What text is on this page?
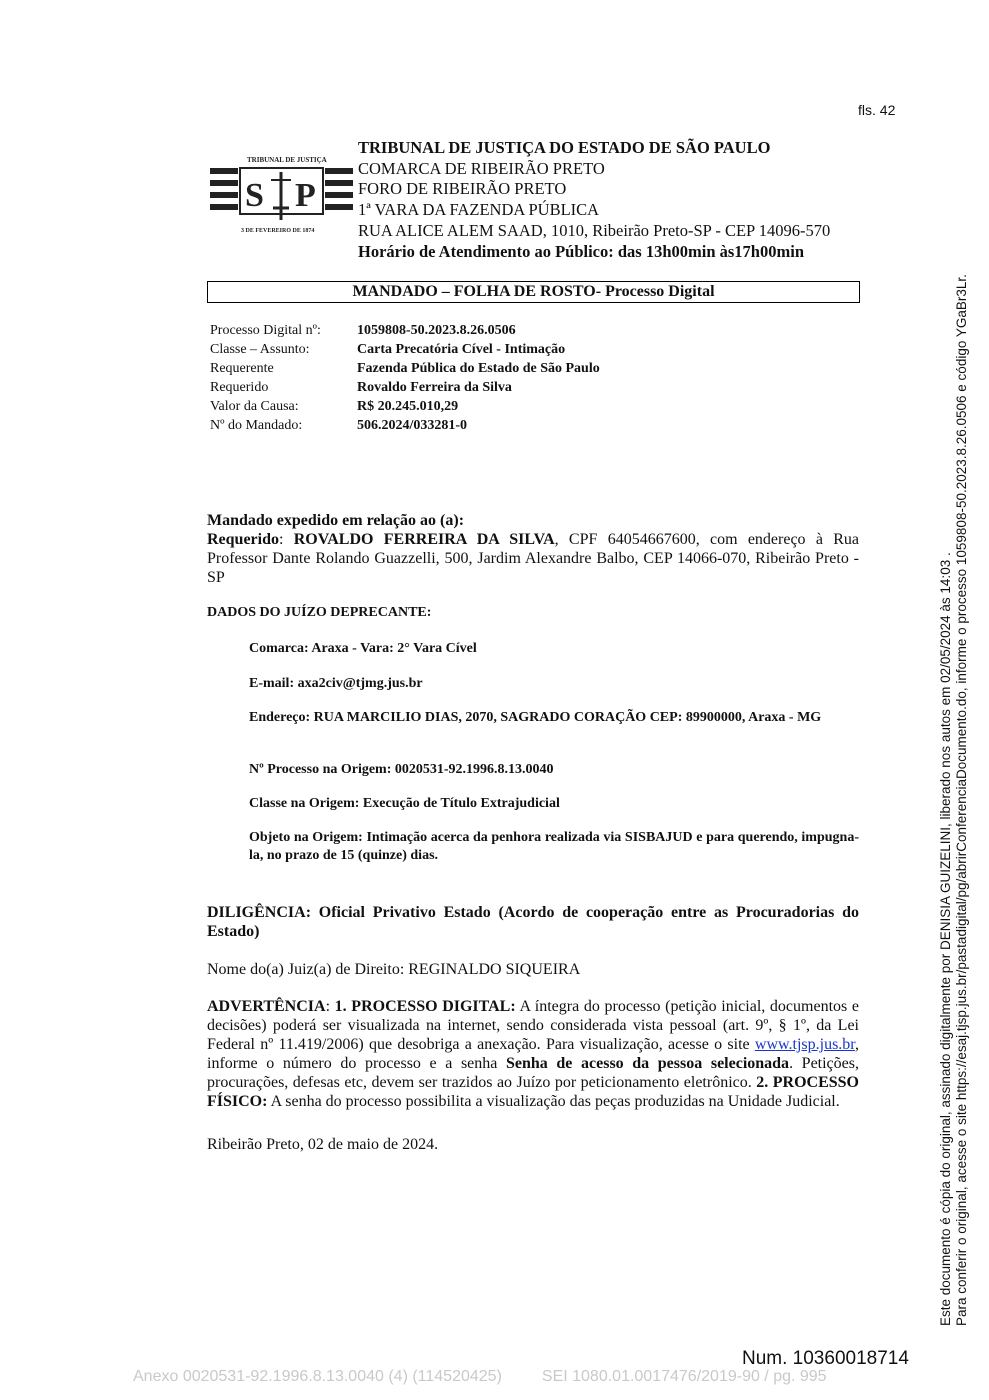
fls. 42
TRIBUNAL DE JUSTIÇA
S P
3 DE FEVEREIRO DE 1874
TRIBUNAL DE JUSTIÇA DO ESTADO DE SÃO PAULO
COMARCA DE RIBEIRÃO PRETO
FORO DE RIBEIRÃO PRETO
1ª VARA DA FAZENDA PÚBLICA
RUA ALICE ALEM SAAD, 1010, Ribeirão Preto-SP - CEP 14096-570
Horário de Atendimento ao Público: das 13h00min às17h00min
MANDADO – FOLHA DE ROSTO- Processo Digital
Processo Digital nº:	1059808-50.2023.8.26.0506
Classe – Assunto:	Carta Precatória Cível - Intimação
Requerente	Fazenda Pública do Estado de São Paulo
Requerido	Rovaldo Ferreira da Silva
Valor da Causa:	R$ 20.245.010,29
Nº do Mandado:	506.2024/033281-0
Mandado expedido em relação ao (a):
Requerido: ROVALDO FERREIRA DA SILVA, CPF 64054667600, com endereço à Rua Professor Dante Rolando Guazzelli, 500, Jardim Alexandre Balbo, CEP 14066-070, Ribeirão Preto - SP
DADOS DO JUÍZO DEPRECANTE:
Comarca: Araxa - Vara: 2° Vara Cível
E-mail: axa2civ@tjmg.jus.br
Endereço: RUA MARCILIO DIAS, 2070, SAGRADO CORAÇÃO CEP: 89900000, Araxa - MG
Nº Processo na Origem: 0020531-92.1996.8.13.0040
Classe na Origem: Execução de Título Extrajudicial
Objeto na Origem: Intimação acerca da penhora realizada via SISBAJUD e para querendo, impugna-la, no prazo de 15 (quinze) dias.
DILIGÊNCIA: Oficial Privativo Estado (Acordo de cooperação entre as Procuradorias do Estado)
Nome do(a) Juiz(a) de Direito: REGINALDO SIQUEIRA
ADVERTÊNCIA: 1. PROCESSO DIGITAL: A íntegra do processo (petição inicial, documentos e decisões) poderá ser visualizada na internet, sendo considerada vista pessoal (art. 9º, § 1º, da Lei Federal nº 11.419/2006) que desobriga a anexação. Para visualização, acesse o site www.tjsp.jus.br, informe o número do processo e a senha Senha de acesso da pessoa selecionada. Petições, procurações, defesas etc, devem ser trazidos ao Juízo por peticionamento eletrônico. 2. PROCESSO FÍSICO: A senha do processo possibilita a visualização das peças produzidas na Unidade Judicial.
Ribeirão Preto, 02 de maio de 2024.	Este documento é cópia do original, assinado digitalmente por DENISIA GUIZELINI, liberado nos autos em 02/05/2024 às 14:03 . Para conferir o original, acesse o site https://esaj.tjsp.jus.br/pastadigital/pg/abrirConferenciaDocumento.do, informe o processo 1059808-50.2023.8.26.0506 e código YGaBr3Lr.
Num. 10360018714
Anexo 0020531-92.1996.8.13.0040 (4) (114520425)	SEI 1080.01.0017476/2019-90 / pg. 995
